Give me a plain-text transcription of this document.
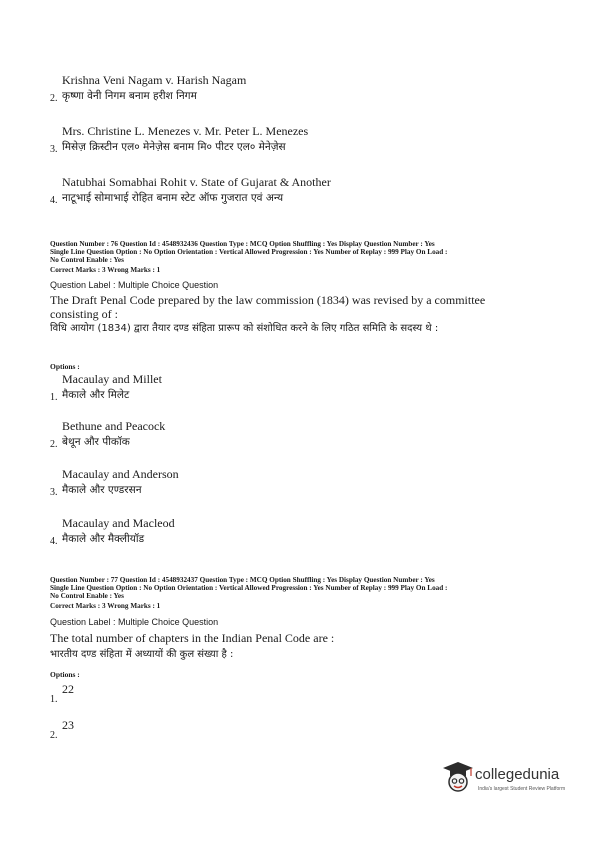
Krishna Veni Nagam v. Harish Nagam
2. कृष्णा वेनी निगम बनाम हरीश निगम
Mrs. Christine L. Menezes v. Mr. Peter L. Menezes
3. मिसेज़ क्रिस्टीन एल० मेनेज़ेस बनाम मि० पीटर एल० मेनेज़ेस
Natubhai Somabhai Rohit v. State of Gujarat & Another
4. नाटूभाई सोमाभाई रोहित बनाम स्टेट ऑफ गुजरात एवं अन्य
Question Number : 76 Question Id : 4548932436 Question Type : MCQ Option Shuffling : Yes Display Question Number : Yes
Single Line Question Option : No Option Orientation : Vertical Allowed Progression : Yes Number of Replay : 999 Play On Load :
No Control Enable : Yes
Correct Marks : 3 Wrong Marks : 1
Question Label : Multiple Choice Question
The Draft Penal Code prepared by the law commission (1834) was revised by a committee consisting of :
विधि आयोग (1834) द्वारा तैयार दण्ड संहिता प्रारूप को संशोधित करने के लिए गठित समिति के सदस्य थे :
Options :
Macaulay and Millet
1. मैकाले और मिलेट
Bethune and Peacock
2. बेथून और पीकॉक
Macaulay and Anderson
3. मैकाले और एण्डरसन
Macaulay and Macleod
4. मैकाले और मैक्लीयॉड
Question Number : 77 Question Id : 4548932437 Question Type : MCQ Option Shuffling : Yes Display Question Number : Yes
Single Line Question Option : No Option Orientation : Vertical Allowed Progression : Yes Number of Replay : 999 Play On Load :
No Control Enable : Yes
Correct Marks : 3 Wrong Marks : 1
Question Label : Multiple Choice Question
The total number of chapters in the Indian Penal Code are :
भारतीय दण्ड संहिता में अध्यायों की कुल संख्या है :
Options :
22
1.
23
2.
collegedunia
India's largest Student Review Platform
